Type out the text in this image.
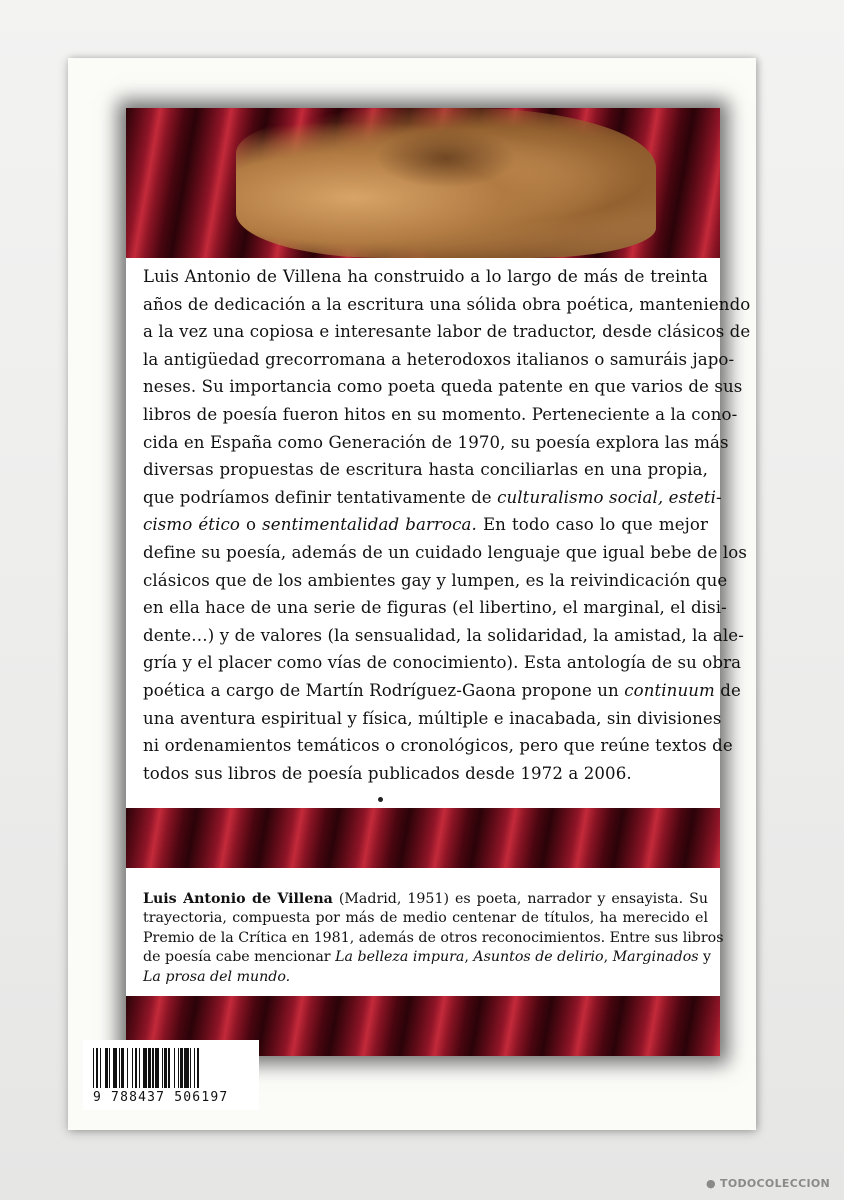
Luis Antonio de Villena ha construido a lo largo de más de treinta
años de dedicación a la escritura una sólida obra poética, manteniendo
a la vez una copiosa e interesante labor de traductor, desde clásicos de
la antigüedad grecorromana a heterodoxos italianos o samuráis japo-
neses. Su importancia como poeta queda patente en que varios de sus
libros de poesía fueron hitos en su momento. Perteneciente a la cono-
cida en España como Generación de 1970, su poesía explora las más
diversas propuestas de escritura hasta conciliarlas en una propia,
que podríamos definir tentativamente de culturalismo social, esteti-
cismo ético o sentimentalidad barroca. En todo caso lo que mejor
define su poesía, además de un cuidado lenguaje que igual bebe de los
clásicos que de los ambientes gay y lumpen, es la reivindicación que
en ella hace de una serie de figuras (el libertino, el marginal, el disi-
dente…) y de valores (la sensualidad, la solidaridad, la amistad, la ale-
gría y el placer como vías de conocimiento). Esta antología de su obra
poética a cargo de Martín Rodríguez-Gaona propone un continuum de
una aventura espiritual y física, múltiple e inacabada, sin divisiones
ni ordenamientos temáticos o cronológicos, pero que reúne textos de
todos sus libros de poesía publicados desde 1972 a 2006.

Luis Antonio de Villena (Madrid, 1951) es poeta, narrador y ensayista. Su
trayectoria, compuesta por más de medio centenar de títulos, ha merecido el
Premio de la Crítica en 1981, además de otros reconocimientos. Entre sus libros
de poesía cabe mencionar La belleza impura, Asuntos de delirio, Marginados y
La prosa del mundo.

9 788437 506197
● TODOCOLECCION
